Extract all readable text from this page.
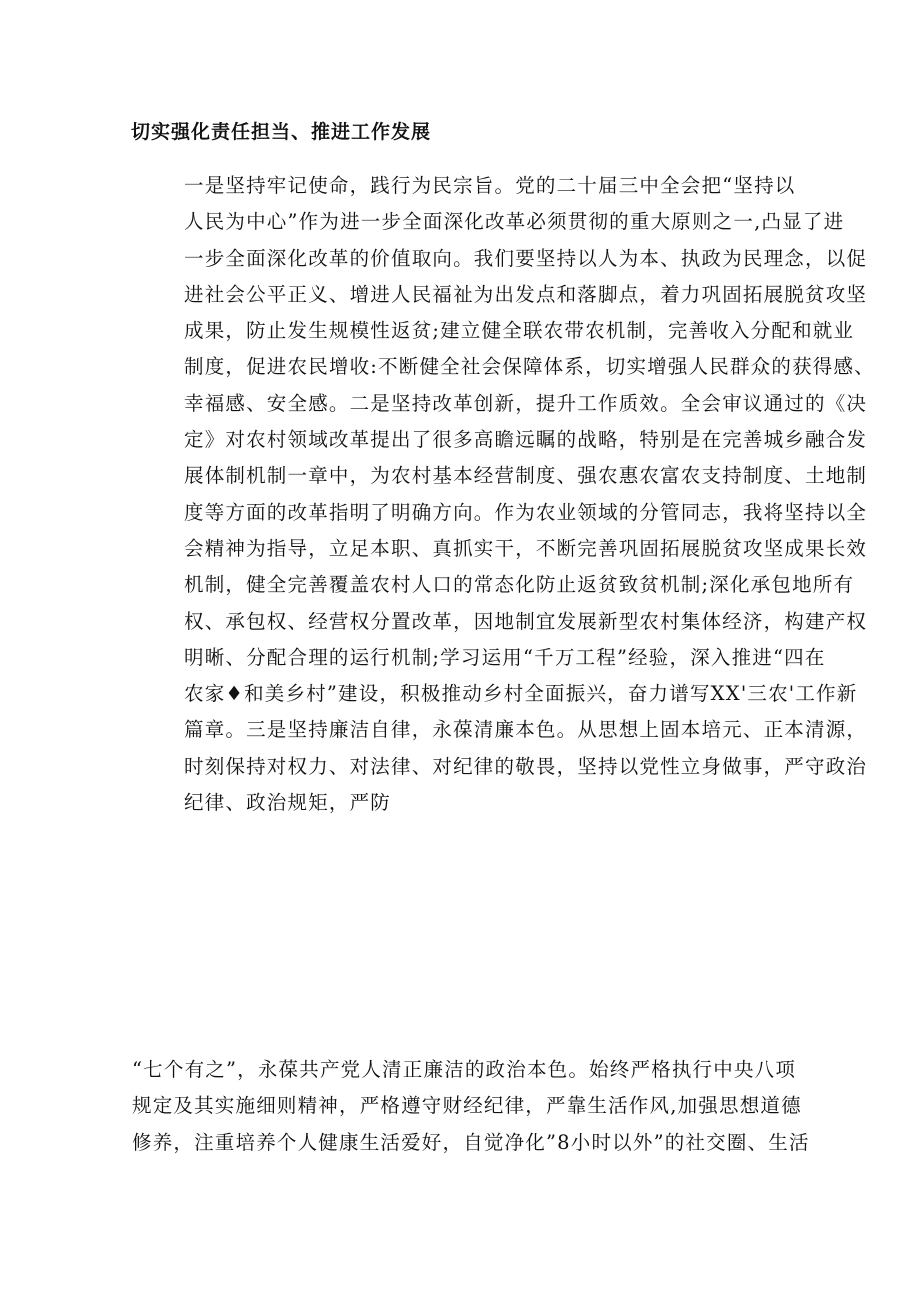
切实强化责任担当、推进工作发展
一是坚持牢记使命，践行为民宗旨。党的二十届三中全会把“坚持以
人民为中心”作为进一步全面深化改革必须贯彻的重大原则之一,凸显了进
一步全面深化改革的价值取向。我们要坚持以人为本、执政为民理念，以促
进社会公平正义、增进人民福祉为出发点和落脚点，着力巩固拓展脱贫攻坚
成果，防止发生规模性返贫;建立健全联农带农机制，完善收入分配和就业
制度，促进农民增收:不断健全社会保障体系，切实增强人民群众的获得感、
幸福感、安全感。二是坚持改革创新，提升工作质效。全会审议通过的《决
定》对农村领域改革提出了很多高瞻远瞩的战略，特别是在完善城乡融合发
展体制机制一章中，为农村基本经营制度、强农惠农富农支持制度、土地制
度等方面的改革指明了明确方向。作为农业领域的分管同志，我将坚持以全
会精神为指导，立足本职、真抓实干，不断完善巩固拓展脱贫攻坚成果长效
机制，健全完善覆盖农村人口的常态化防止返贫致贫机制;深化承包地所有
权、承包权、经营权分置改革，因地制宜发展新型农村集体经济，构建产权
明晰、分配合理的运行机制;学习运用“千万工程”经验，深入推进“四在
农家♦和美乡村”建设，积极推动乡村全面振兴，奋力谱写XX'三农'工作新
篇章。三是坚持廉洁自律，永葆清廉本色。从思想上固本培元、正本清源，
时刻保持对权力、对法律、对纪律的敬畏，坚持以党性立身做事，严守政治
纪律、政治规矩，严防
“七个有之”，永葆共产党人清正廉洁的政治本色。始终严格执行中央八项
规定及其实施细则精神，严格遵守财经纪律，严靠生活作风,加强思想道德
修养，注重培养个人健康生活爱好，自觉净化”8小时以外”的社交圈、生活
